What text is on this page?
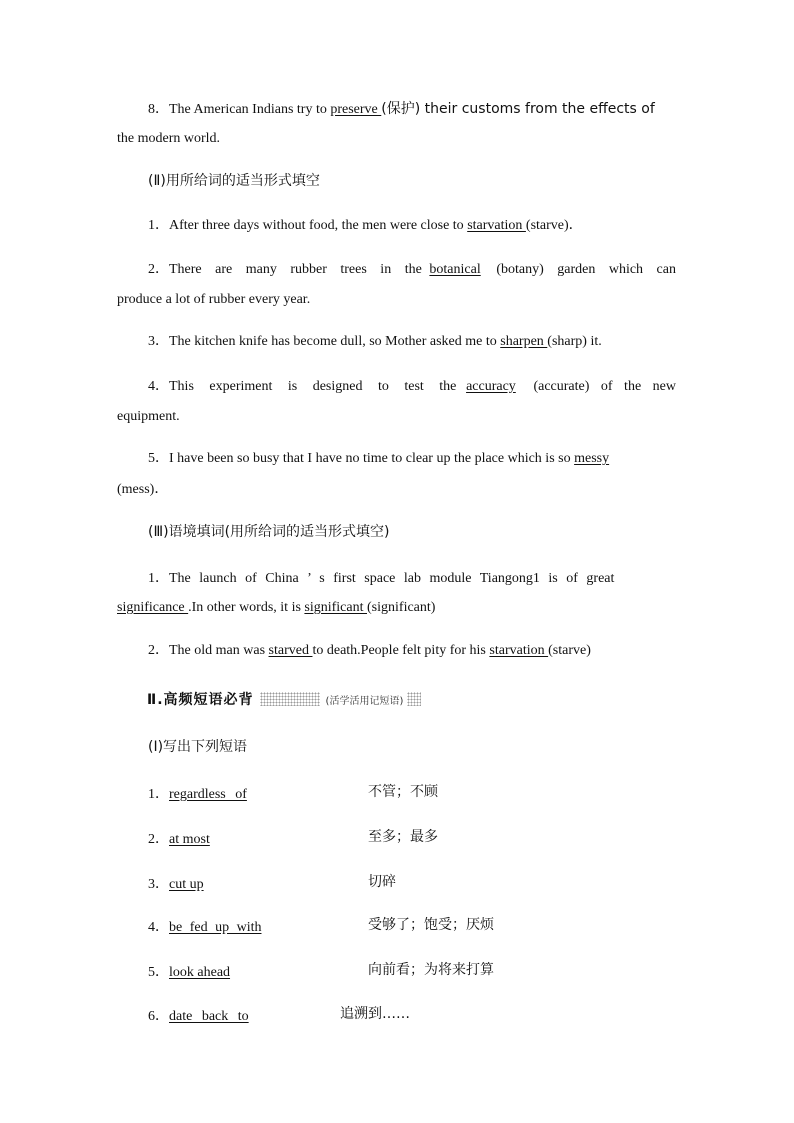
8．The American Indians try to preserve (保护) their customs from the effects of
the modern world.
(Ⅱ)用所给词的适当形式填空
1．After three days without food, the men were close to starvation (starve)．
2．There are many rubber trees in the botanical (botany) garden which can
produce a lot of rubber every year.
3．The kitchen knife has become dull, so Mother asked me to sharpen (sharp) it.
4．This experiment is designed to test the accuracy (accurate) of the new
equipment.
5．I have been so busy that I have no time to clear up the place which is so messy
(mess)．
(Ⅲ)语境填词(用所给词的适当形式填空)
1．The launch of China ’ s first space lab module Tiangong1 is of great
significance .In other words, it is significant (significant)
2．The old man was starved to death.People felt pity for his starvation (starve)
Ⅱ.高频短语必背	(活学活用记短语)
(Ⅰ)写出下列短语
1．regardless of	不管；不顾
2．at most	至多；最多
3．cut up	切碎
4．be fed up with	受够了；饱受；厌烦
5．look ahead	向前看；为将来打算
6．date back to	追溯到……
